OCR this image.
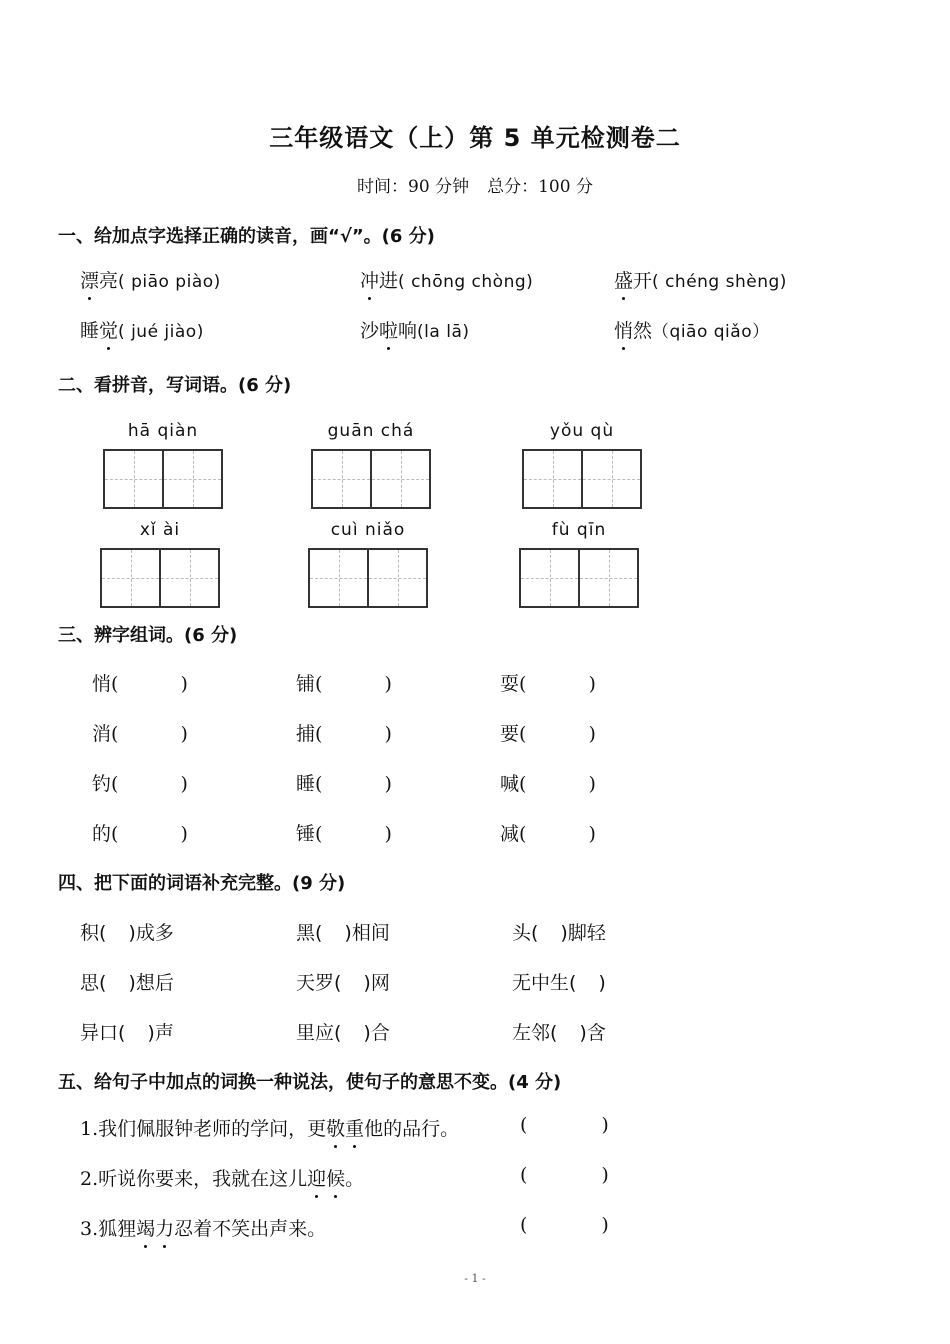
三年级语文（上）第 5 单元检测卷二
时间：90 分钟 总分：100 分
一、给加点字选择正确的读音，画“√”。(6 分)
漂亮( piāo piào)	冲进( chōng chòng)	盛开( chéng shèng)
睡觉( jué jiào)	沙啦响(la lā)	悄然（qiāo qiǎo）
二、看拼音，写词语。(6 分)
hā qiàn	guān chá	yǒu qù
xǐ ài	cuì niǎo	fù qīn
三、辨字组词。(6 分)
悄(	)	铺(	)	耍(	)
消(	)	捕(	)	要(	)
钓(	)	睡(	)	喊(	)
的(	)	锤(	)	减(	)
四、把下面的词语补充完整。(9 分)
积( )成多	黑( )相间	头( )脚轻
思( )想后	天罗( )网	无中生( )
异口( )声	里应( )合	左邻( )含
五、给句子中加点的词换一种说法，使句子的意思不变。(4 分)
1.我们佩服钟老师的学问，更敬重他的品行。	(	)
2.听说你要来，我就在这儿迎候。	(	)
3.狐狸竭力忍着不笑出声来。	(	)
- 1 -
